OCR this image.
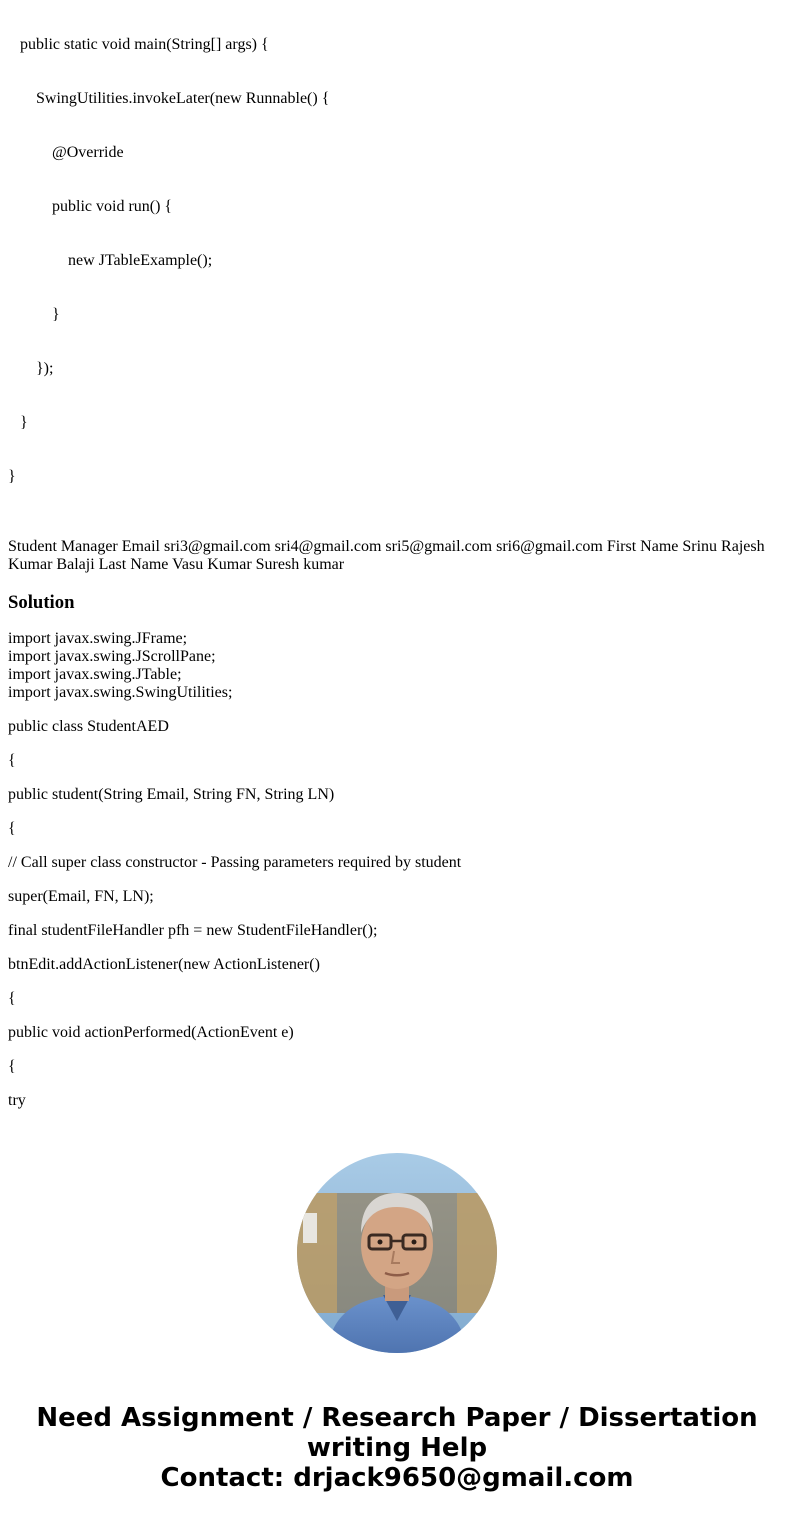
public static void main(String[] args) {

SwingUtilities.invokeLater(new Runnable() {

@Override

public void run() {

new JTableExample();

}

});

}

}

Student Manager Email sri3@gmail.com sri4@gmail.com sri5@gmail.com sri6@gmail.com First Name Srinu Rajesh Kumar Balaji Last Name Vasu Kumar Suresh kumar

Solution
import javax.swing.JFrame;
import javax.swing.JScrollPane;
import javax.swing.JTable;
import javax.swing.SwingUtilities;

public class StudentAED

{

public student(String Email, String FN, String LN)

{

// Call super class constructor - Passing parameters required by student

super(Email, FN, LN);

final studentFileHandler pfh = new StudentFileHandler();

btnEdit.addActionListener(new ActionListener()

{

public void actionPerformed(ActionEvent e)

{

try

Need Assignment / Research Paper / Dissertation
writing Help
Contact: drjack9650@gmail.com
